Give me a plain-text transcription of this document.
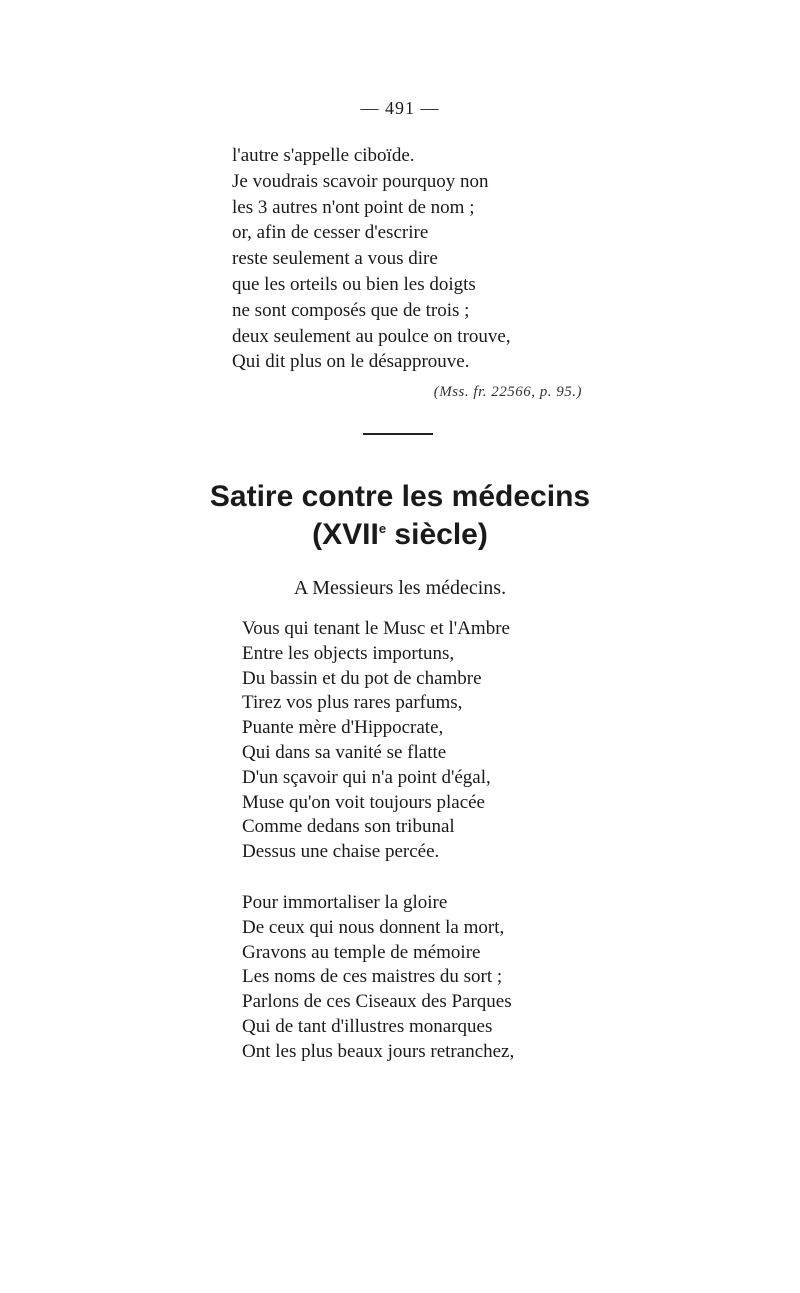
— 491 —
l'autre s'appelle ciboïde.
Je voudrais scavoir pourquoy non
les 3 autres n'ont point de nom ;
or, afin de cesser d'escrire
reste seulement a vous dire
que les orteils ou bien les doigts
ne sont composés que de trois ;
deux seulement au poulce on trouve,
Qui dit plus on le désapprouve.
(Mss. fr. 22566, p. 95.)
Satire contre les médecins
(XVIIe siècle)
A Messieurs les médecins.
Vous qui tenant le Musc et l'Ambre
Entre les objects importuns,
Du bassin et du pot de chambre
Tirez vos plus rares parfums,
Puante mère d'Hippocrate,
Qui dans sa vanité se flatte
D'un sçavoir qui n'a point d'égal,
Muse qu'on voit toujours placée
Comme dedans son tribunal
Dessus une chaise percée.
Pour immortaliser la gloire
De ceux qui nous donnent la mort,
Gravons au temple de mémoire
Les noms de ces maistres du sort ;
Parlons de ces Ciseaux des Parques
Qui de tant d'illustres monarques
Ont les plus beaux jours retranchez,
